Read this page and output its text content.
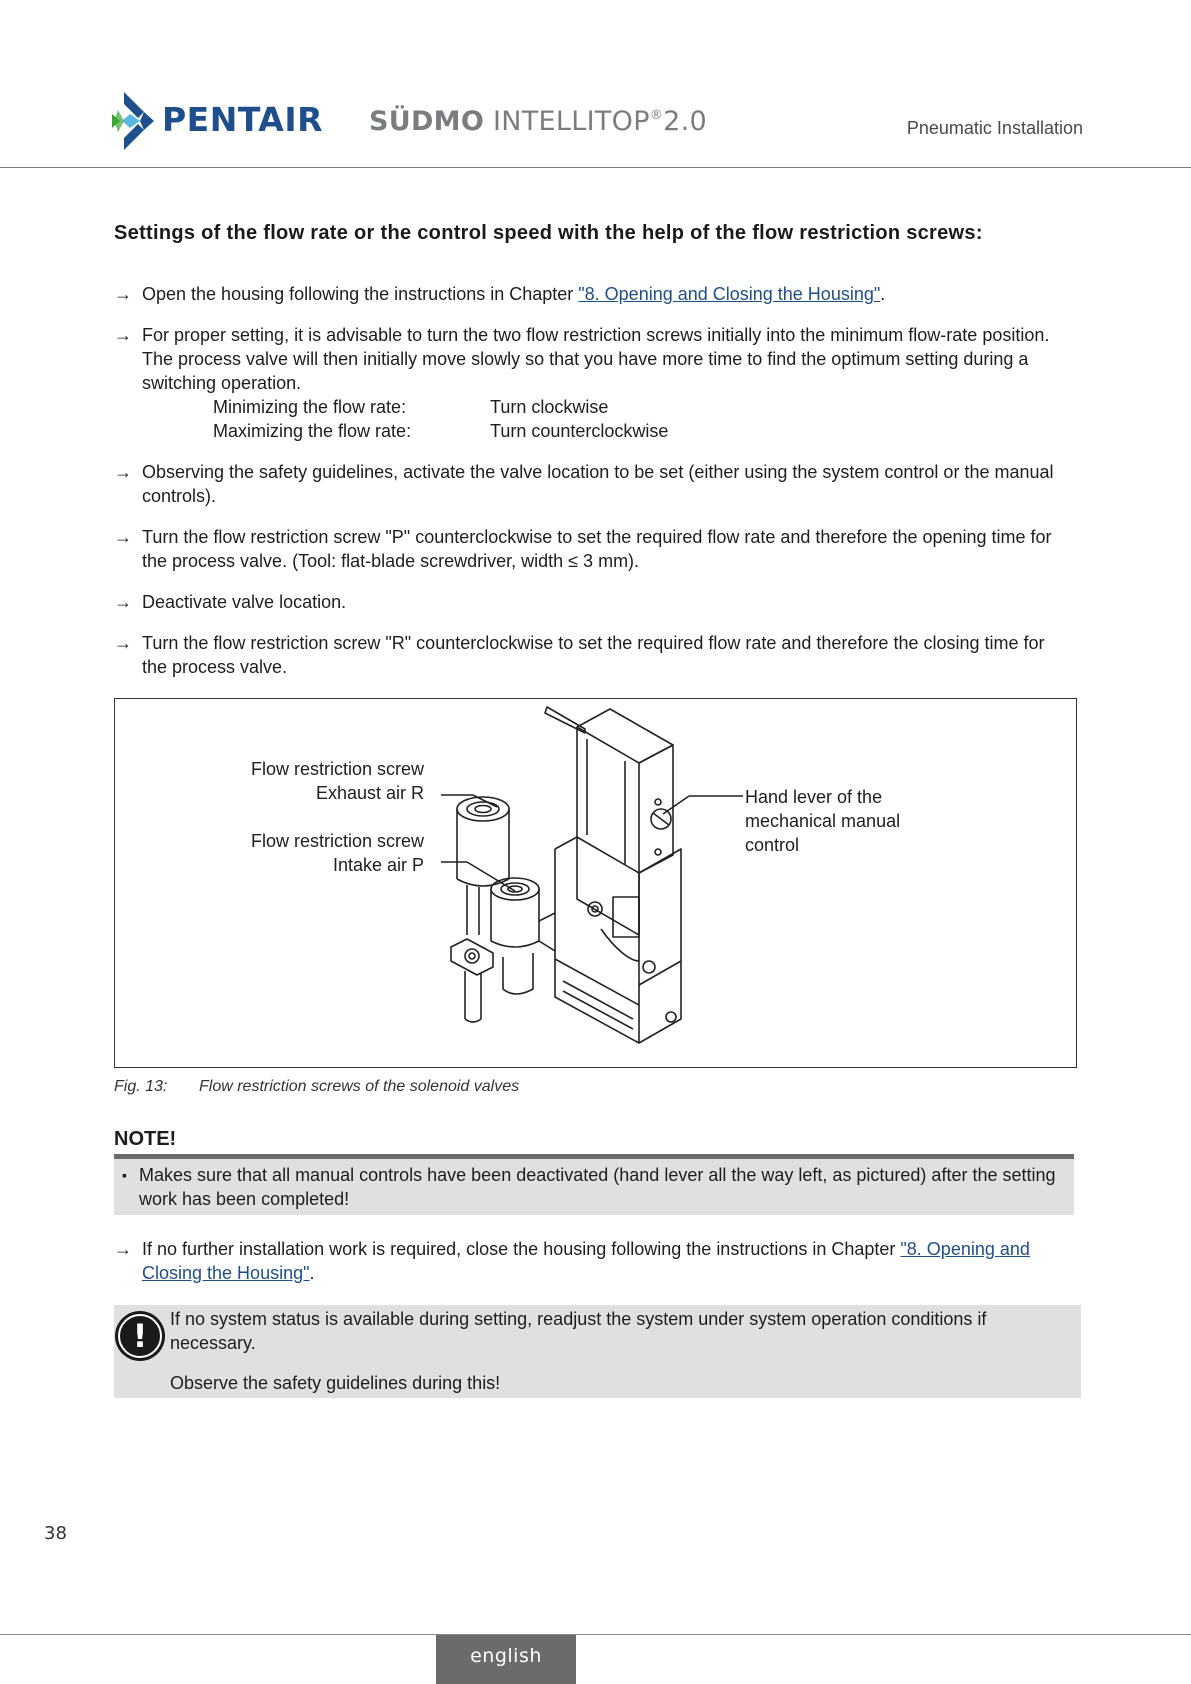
PENTAIR SÜDMO INTELLITOP®2.0	Pneumatic Installation
Settings of the flow rate or the control speed with the help of the flow restriction screws:
→ Open the housing following the instructions in Chapter "8. Opening and Closing the Housing".
→ For proper setting, it is advisable to turn the two flow restriction screws initially into the minimum flow-rate position. The process valve will then initially move slowly so that you have more time to find the optimum setting during a switching operation.
Minimizing the flow rate:	Turn clockwise
Maximizing the flow rate:	Turn counterclockwise
→ Observing the safety guidelines, activate the valve location to be set (either using the system control or the manual controls).
→ Turn the flow restriction screw "P" counterclockwise to set the required flow rate and therefore the opening time for the process valve. (Tool: flat-blade screwdriver, width ≤ 3 mm).
→ Deactivate valve location.
→ Turn the flow restriction screw "R" counterclockwise to set the required flow rate and therefore the closing time for the process valve.
Flow restriction screw
Exhaust air R
Flow restriction screw
Intake air P
Hand lever of the
mechanical manual
control
Fig. 13: Flow restriction screws of the solenoid valves
NOTE!
▪ Makes sure that all manual controls have been deactivated (hand lever all the way left, as pictured) after the setting work has been completed!
→ If no further installation work is required, close the housing following the instructions in Chapter "8. Opening and Closing the Housing".
! If no system status is available during setting, readjust the system under system operation conditions if necessary.
Observe the safety guidelines during this!
38
english
